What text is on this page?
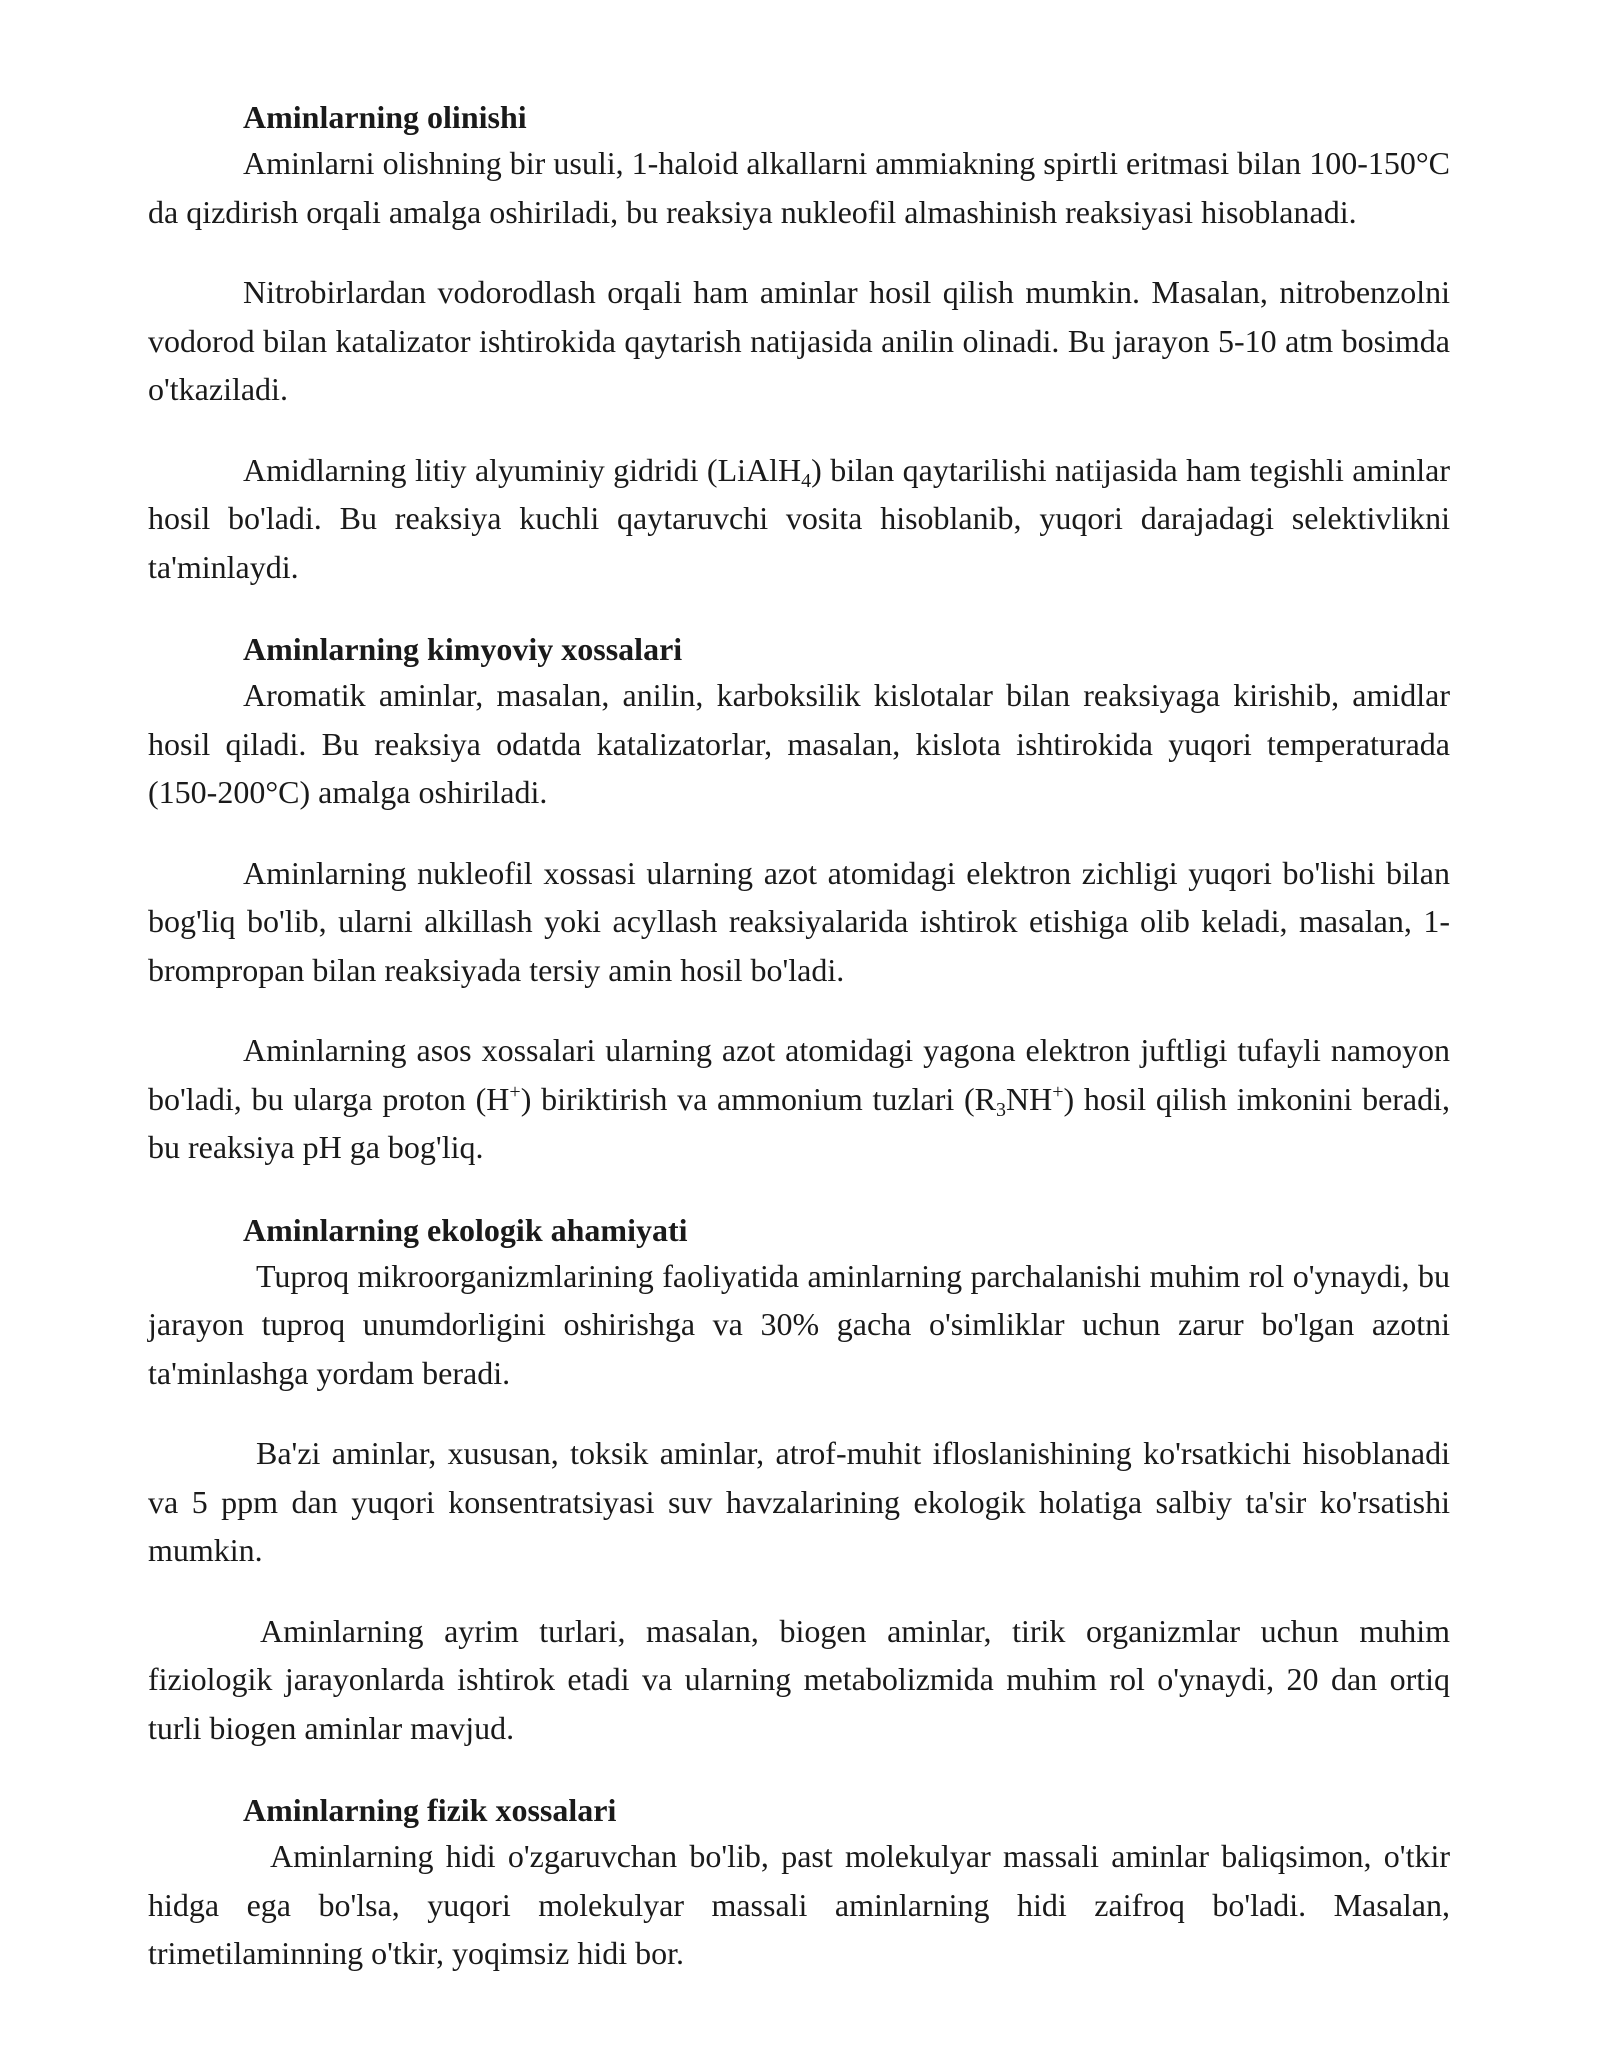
Aminlarning olinishi

Aminlarni olishning bir usuli, 1-haloid alkallarni ammiakning spirtli eritmasi bilan 100-150°C da qizdirish orqali amalga oshiriladi, bu reaksiya nukleofil almashinish reaksiyasi hisoblanadi.

Nitrobirlardan vodorodlash orqali ham aminlar hosil qilish mumkin. Masalan, nitrobenzolni vodorod bilan katalizator ishtirokida qaytarish natijasida anilin olinadi. Bu jarayon 5-10 atm bosimda o'tkaziladi.

Amidlarning litiy alyuminiy gidridi (LiAlH$_4$) bilan qaytarilishi natijasida ham tegishli aminlar hosil bo'ladi. Bu reaksiya kuchli qaytaruvchi vosita hisoblanib, yuqori darajadagi selektivlikni ta'minlaydi.

Aminlarning kimyoviy xossalari

Aromatik aminlar, masalan, anilin, karboksilik kislotalar bilan reaksiyaga kirishib, amidlar hosil qiladi. Bu reaksiya odatda katalizatorlar, masalan, kislota ishtirokida yuqori temperaturada (150-200°C) amalga oshiriladi.

Aminlarning nukleofil xossasi ularning azot atomidagi elektron zichligi yuqori bo'lishi bilan bog'liq bo'lib, ularni alkillash yoki acyllash reaksiyalarida ishtirok etishiga olib keladi, masalan, 1-brompropan bilan reaksiyada tersiy amin hosil bo'ladi.

Aminlarning asos xossalari ularning azot atomidagi yagona elektron juftligi tufayli namoyon bo'ladi, bu ularga proton (H+) biriktirish va ammonium tuzlari $(R_3NH^+)$ hosil qilish imkonini beradi, bu reaksiya pH ga bog'liq.

Aminlarning ekologik ahamiyati

Tuproq mikroorganizmlarining faoliyatida aminlarning parchalanishi muhim rol o'ynaydi, bu jarayon tuproq unumdorligini oshirishga va 30% gacha o'simliklar uchun zarur bo'lgan azotni ta'minlashga yordam beradi.

Ba'zi aminlar, xususan, toksik aminlar, atrof-muhit ifloslanishining ko'rsatkichi hisoblanadi va 5 ppm dan yuqori konsentratsiyasi suv havzalarining ekologik holatiga salbiy ta'sir ko'rsatishi mumkin.

Aminlarning ayrim turlari, masalan, biogen aminlar, tirik organizmlar uchun muhim fiziologik jarayonlarda ishtirok etadi va ularning metabolizmida muhim rol o'ynaydi, 20 dan ortiq turli biogen aminlar mavjud.

Aminlarning fizik xossalari

Aminlarning hidi o'zgaruvchan bo'lib, past molekulyar massali aminlar baliqsimon, o'tkir hidga ega bo'lsa, yuqori molekulyar massali aminlarning hidi zaifroq bo'ladi. Masalan, trimetilaminning o'tkir, yoqimsiz hidi bor.
